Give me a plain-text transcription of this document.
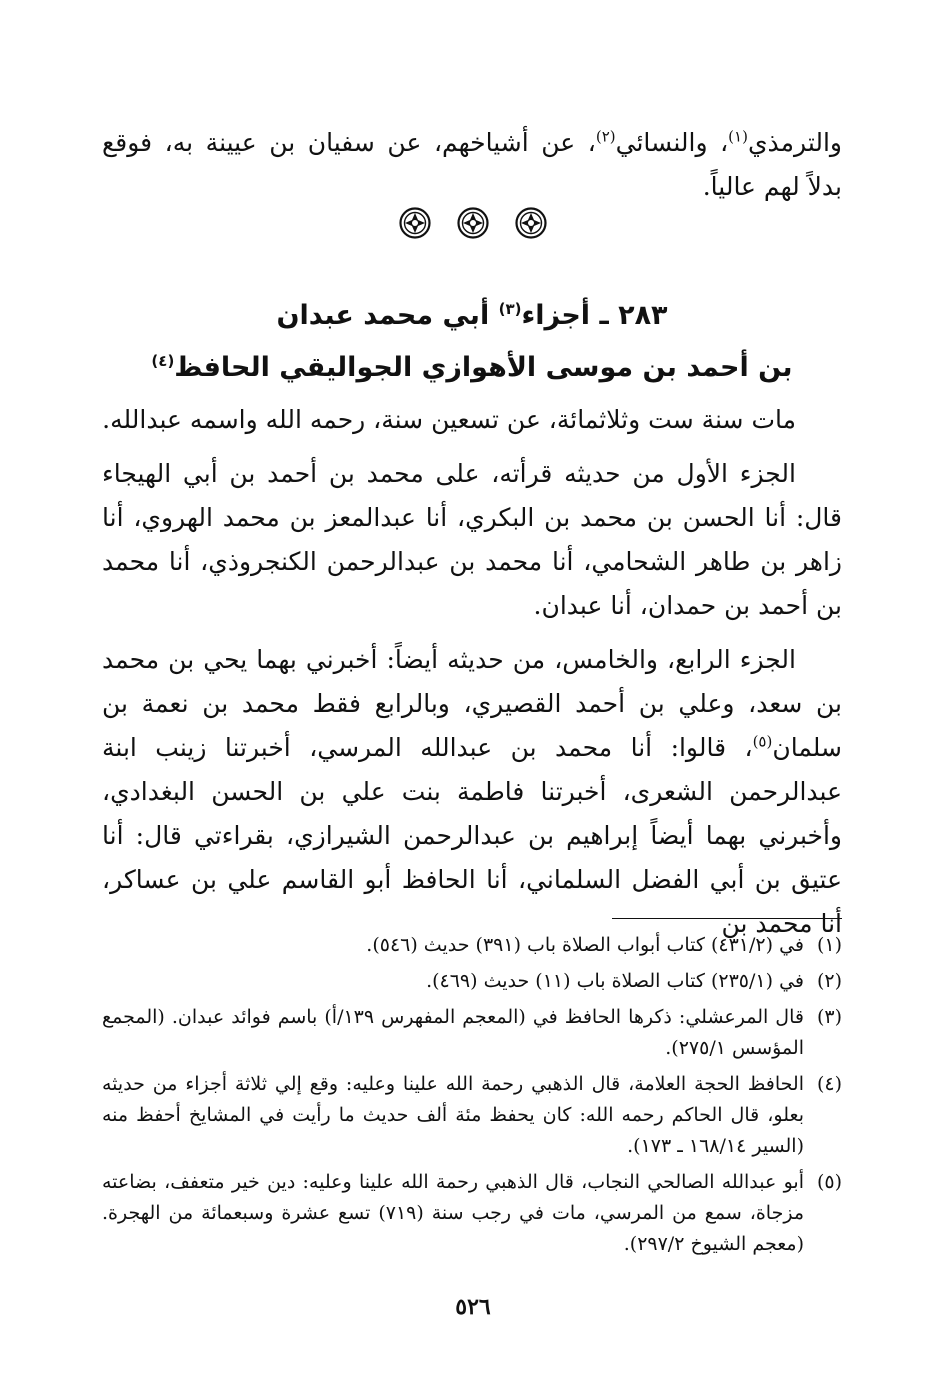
والترمذي$^{(١)}$، والنسائي$^{(٢)}$، عن أشياخهم، عن سفيان بن عيينة به، فوقع بدلاً لهم عالياً.

٢٨٣ ـ أجزاء$^{(٣)}$ أبي محمد عبدان
بن أحمد بن موسى الأهوازي الجواليقي الحافظ$^{(٤)}$

مات سنة ست وثلاثمائة، عن تسعين سنة، رحمه الله واسمه عبدالله.

الجزء الأول من حديثه قرأته، على محمد بن أحمد بن أبي الهيجاء قال: أنا الحسن بن محمد بن البكري، أنا عبدالمعز بن محمد الهروي، أنا زاهر بن طاهر الشحامي، أنا محمد بن عبدالرحمن الكنجروذي، أنا محمد بن أحمد بن حمدان، أنا عبدان.

الجزء الرابع، والخامس، من حديثه أيضاً: أخبرني بهما يحي بن محمد بن سعد، وعلي بن أحمد القصيري، وبالرابع فقط محمد بن نعمة بن سلمان$^{(٥)}$، قالوا: أنا محمد بن عبدالله المرسي، أخبرتنا زينب ابنة عبدالرحمن الشعرى، أخبرتنا فاطمة بنت علي بن الحسن البغدادي، وأخبرني بهما أيضاً إبراهيم بن عبدالرحمن الشيرازي، بقراءتي قال: أنا عتيق بن أبي الفضل السلماني، أنا الحافظ أبو القاسم علي بن عساكر، أنا محمد بن

(١)
في (٤٣١/٢) كتاب أبواب الصلاة باب (٣٩١) حديث (٥٤٦).
(٢)
في (٢٣٥/١) كتاب الصلاة باب (١١) حديث (٤٦٩).
(٣)
قال المرعشلي: ذكرها الحافظ في (المعجم المفهرس ١٣٩/أ) باسم فوائد عبدان. (المجمع المؤسس ٢٧٥/١).
(٤)
الحافظ الحجة العلامة، قال الذهبي رحمة الله علينا وعليه: وقع إلي ثلاثة أجزاء من حديثه بعلو، قال الحاكم رحمه الله: كان يحفظ مئة ألف حديث ما رأيت في المشايخ أحفظ منه (السير ١٦٨/١٤ ـ ١٧٣).
(٥)
أبو عبدالله الصالحي النجاب، قال الذهبي رحمة الله علينا وعليه: دين خير متعفف، بضاعته مزجاة، سمع من المرسي، مات في رجب سنة (٧١٩) تسع عشرة وسبعمائة من الهجرة. (معجم الشيوخ ٢٩٧/٢).
٥٢٦
